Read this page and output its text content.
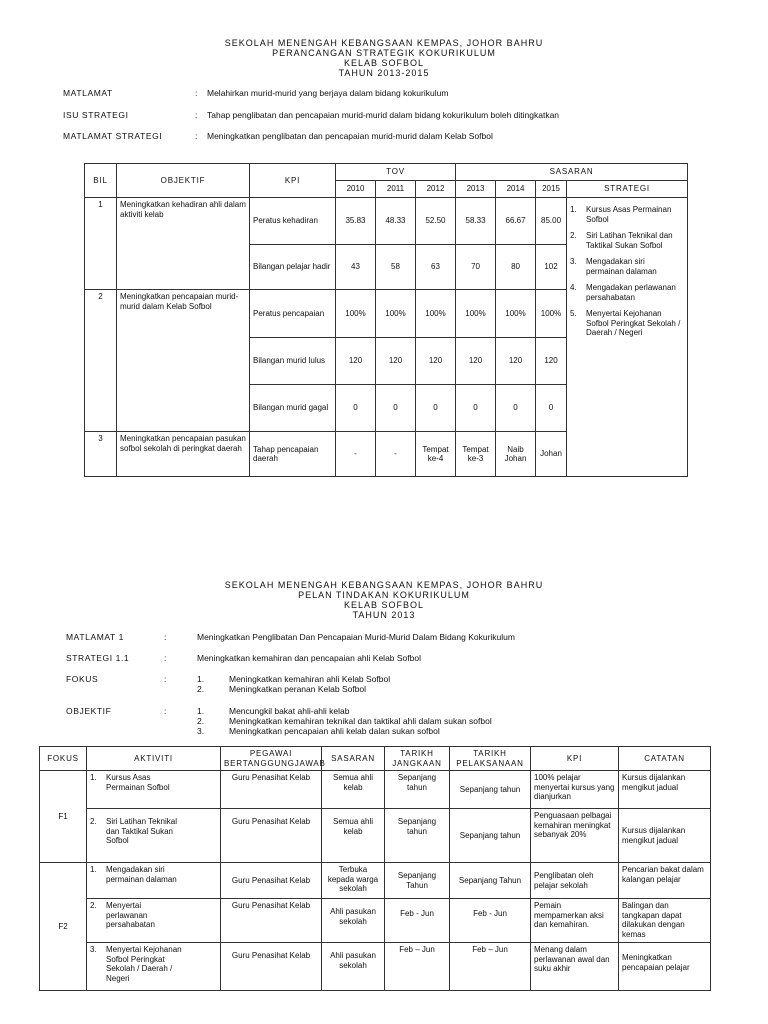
SEKOLAH MENENGAH KEBANGSAAN KEMPAS, JOHOR BAHRU
PERANCANGAN STRATEGIK KOKURIKULUM
KELAB SOFBOL
TAHUN 2013-2015
MATLAMAT	: Melahirkan murid-murid yang berjaya dalam bidang kokurikulum
ISU STRATEGI	: Tahap penglibatan dan pencapaian murid-murid dalam bidang kokurikulum boleh ditingkatkan
MATLAMAT STRATEGI	: Meningkatkan penglibatan dan pencapaian murid-murid dalam Kelab Sofbol
BIL	OBJEKTIF	KPI	TOV			SASARAN			
			2010	2011	2012	2013	2014	2015	STRATEGI
1	Meningkatkan kehadiran ahli dalam aktiviti kelab	Peratus kehadiran	35.83	48.33	52.50	58.33	66.67	85.00	1. Kursus Asas Permainan Sofbol
2. Siri Latihan Teknikal dan Taktikal Sukan Sofbol
3. Mengadakan siri permainan dalaman
4. Mengadakan perlawanan persahabatan
5. Menyertai Kejohanan Sofbol Peringkat Sekolah / Daerah / Negeri

		Bilangan pelajar hadir	43	58	63	70	80	102	
2	Meningkatkan pencapaian murid-murid dalam Kelab Sofbol	Peratus pencapaian	100%	100%	100%	100%	100%	100%	
		Bilangan murid lulus	120	120	120	120	120	120	
		Bilangan murid gagal	0	0	0	0	0	0	
3	Meningkatkan pencapaian pasukan sofbol sekolah di peringkat daerah	Tahap pencapaian daerah	-	-	Tempat ke-4	Tempat ke-3	Naib Johan	Johan	
SEKOLAH MENENGAH KEBANGSAAN KEMPAS, JOHOR BAHRU
PELAN TINDAKAN KOKURIKULUM
KELAB SOFBOL
TAHUN 2013
MATLAMAT 1	:	Meningkatkan Penglibatan Dan Pencapaian Murid-Murid Dalam Bidang Kokurikulum
STRATEGI 1.1	:	Meningkatkan kemahiran dan pencapaian ahli Kelab Sofbol
FOKUS	:	1.	Meningkatkan kemahiran ahli Kelab Sofbol
2.	Meningkatkan peranan Kelab Sofbol
OBJEKTIF	:	1.	Mencungkil bakat ahli-ahli kelab
2.	Meningkatkan kemahiran teknikal dan taktikal ahli dalam sukan sofbol
3.	Meningkatkan pencapaian ahli kelab dalan sukan sofbol
FOKUS	AKTIVITI	PEGAWAI BERTANGGUNGJAWAB	SASARAN	TARIKH JANGKAAN	TARIKH PELAKSANAAN	KPI	CATATAN
F1	1. Kursus Asas Permainan Sofbol	Guru Penasihat Kelab	Semua ahli kelab	Sepanjang tahun	Sepanjang tahun	100% pelajar menyertai kursus yang dianjurkan	Kursus dijalankan mengikut jadual
	2. Siri Latihan Teknikal dan Taktikal Sukan Sofbol	Guru Penasihat Kelab	Semua ahli kelab	Sepanjang tahun	Sepanjang tahun	Penguasaan pelbagai kemahiran meningkat sebanyak 20%	Kursus dijalankan mengikut jadual
F2	1. Mengadakan siri permainan dalaman	Guru Penasihat Kelab	Terbuka kepada warga sekolah	Sepanjang Tahun	Sepanjang Tahun	Penglibatan oleh pelajar sekolah	Pencarian bakat dalam kalangan pelajar
	2. Menyertai perlawanan persahabatan	Guru Penasihat Kelab	Ahli pasukan sekolah	Feb - Jun	Feb - Jun	Pemain mempamerkan aksi dan kemahiran.	Balingan dan tangkapan dapat dilakukan dengan kemas
	3. Menyertai Kejohanan Sofbol Peringkat Sekolah / Daerah / Negeri	Guru Penasihat Kelab	Ahli pasukan sekolah	Feb – Jun	Feb – Jun	Menang dalam perlawanan awal dan suku akhir	Meningkatkan pencapaian pelajar
